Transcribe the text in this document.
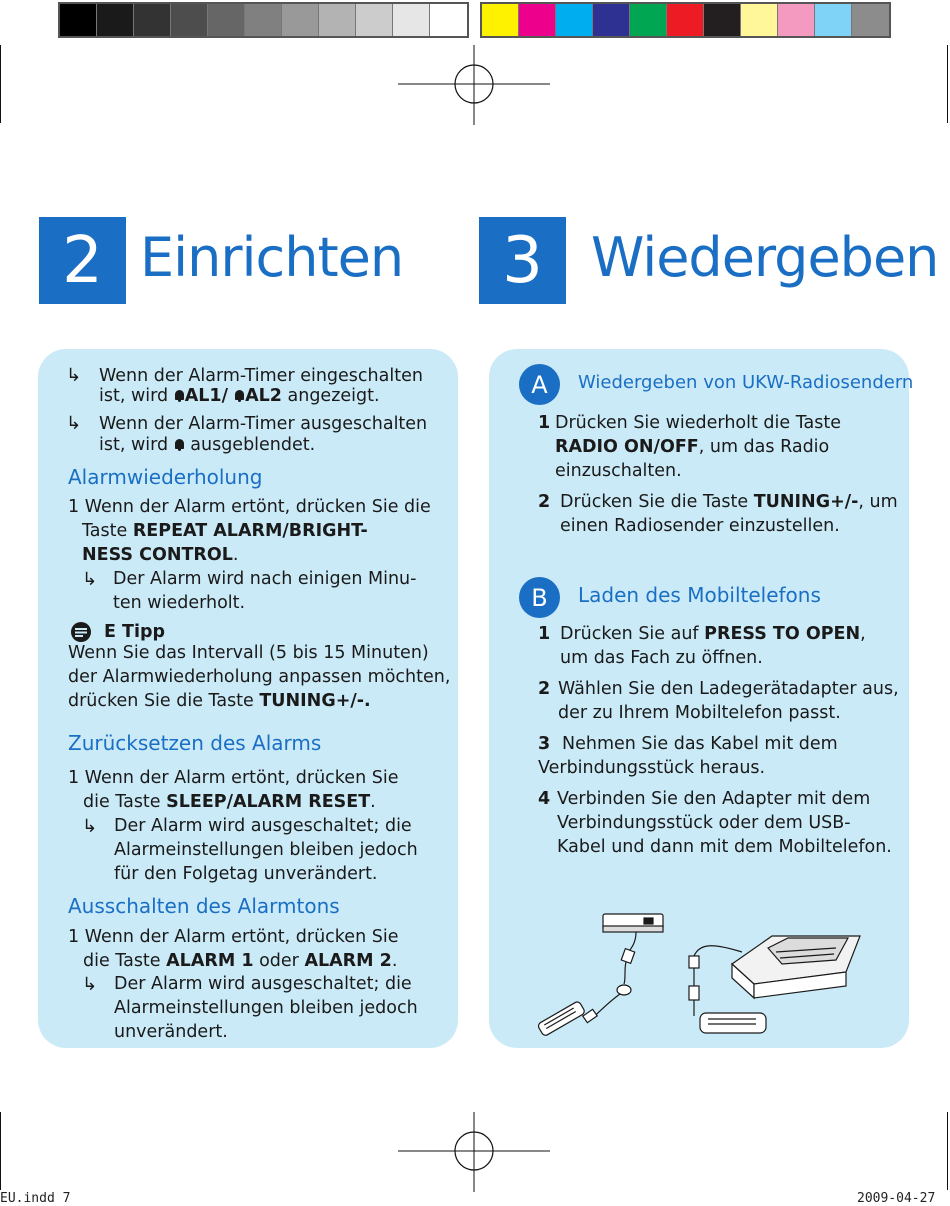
2 Einrichten	3 Wiedergeben
↳ Wenn der Alarm-Timer eingeschalten
ist, wird AL1/ AL2 angezeigt.
↳ Wenn der Alarm-Timer ausgeschalten
ist, wird  ausgeblendet.
Alarmwiederholung
1 Wenn der Alarm ertönt, drücken Sie die
Taste REPEAT ALARM/BRIGHT-
NESS CONTROL.
↳ Der Alarm wird nach einigen Minu-
ten wiederholt.
E Tipp
Wenn Sie das Intervall (5 bis 15 Minuten)
der Alarmwiederholung anpassen möchten,
drücken Sie die Taste TUNING+/-.
Zurücksetzen des Alarms
1 Wenn der Alarm ertönt, drücken Sie
die Taste SLEEP/ALARM RESET.
↳ Der Alarm wird ausgeschaltet; die
Alarmeinstellungen bleiben jedoch
für den Folgetag unverändert.
Ausschalten des Alarmtons
1 Wenn der Alarm ertönt, drücken Sie
die Taste ALARM 1 oder ALARM 2.
↳ Der Alarm wird ausgeschaltet; die
Alarmeinstellungen bleiben jedoch
unverändert.
A	Wiedergeben von UKW-Radiosendern
1 Drücken Sie wiederholt die Taste
RADIO ON/OFF, um das Radio
einzuschalten.
2 Drücken Sie die Taste TUNING+/-, um
einen Radiosender einzustellen.
B	Laden des Mobiltelefons
1 Drücken Sie auf PRESS TO OPEN,
um das Fach zu öffnen.
2 Wählen Sie den Ladegerätadapter aus,
der zu Ihrem Mobiltelefon passt.
3 Nehmen Sie das Kabel mit dem
Verbindungsstück heraus.
4 Verbinden Sie den Adapter mit dem
Verbindungsstück oder dem USB-
Kabel und dann mit dem Mobiltelefon.
EU.indd 7	2009-04-27
